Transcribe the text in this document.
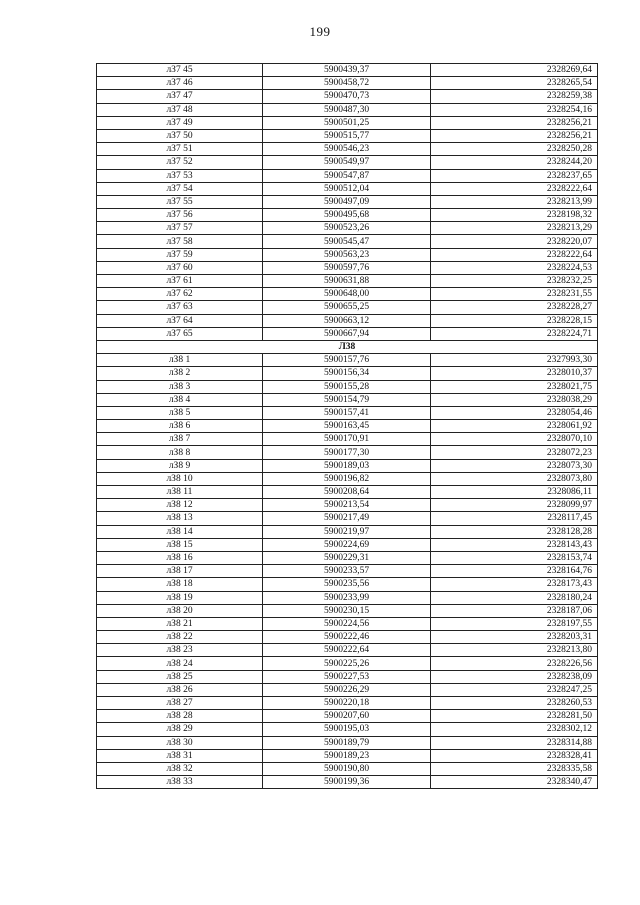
199
лЗ7 45	5900439,37	2328269,64
лЗ7 46	5900458,72	2328265,54
лЗ7 47	5900470,73	2328259,38
лЗ7 48	5900487,30	2328254,16
лЗ7 49	5900501,25	2328256,21
лЗ7 50	5900515,77	2328256,21
лЗ7 51	5900546,23	2328250,28
лЗ7 52	5900549,97	2328244,20
лЗ7 53	5900547,87	2328237,65
лЗ7 54	5900512,04	2328222,64
лЗ7 55	5900497,09	2328213,99
лЗ7 56	5900495,68	2328198,32
лЗ7 57	5900523,26	2328213,29
лЗ7 58	5900545,47	2328220,07
лЗ7 59	5900563,23	2328222,64
лЗ7 60	5900597,76	2328224,53
лЗ7 61	5900631,88	2328232,25
лЗ7 62	5900648,00	2328231,55
лЗ7 63	5900655,25	2328228,27
лЗ7 64	5900663,12	2328228,15
лЗ7 65	5900667,94	2328224,71
Л38		
лЗ8 1	5900157,76	2327993,30
лЗ8 2	5900156,34	2328010,37
лЗ8 3	5900155,28	2328021,75
лЗ8 4	5900154,79	2328038,29
лЗ8 5	5900157,41	2328054,46
лЗ8 6	5900163,45	2328061,92
лЗ8 7	5900170,91	2328070,10
лЗ8 8	5900177,30	2328072,23
лЗ8 9	5900189,03	2328073,30
лЗ8 10	5900196,82	2328073,80
лЗ8 11	5900208,64	2328086,11
лЗ8 12	5900213,54	2328099,97
лЗ8 13	5900217,49	2328117,45
лЗ8 14	5900219,97	2328128,28
лЗ8 15	5900224,69	2328143,43
лЗ8 16	5900229,31	2328153,74
лЗ8 17	5900233,57	2328164,76
лЗ8 18	5900235,56	2328173,43
лЗ8 19	5900233,99	2328180,24
лЗ8 20	5900230,15	2328187,06
лЗ8 21	5900224,56	2328197,55
лЗ8 22	5900222,46	2328203,31
лЗ8 23	5900222,64	2328213,80
лЗ8 24	5900225,26	2328226,56
лЗ8 25	5900227,53	2328238,09
лЗ8 26	5900226,29	2328247,25
лЗ8 27	5900220,18	2328260,53
лЗ8 28	5900207,60	2328281,50
лЗ8 29	5900195,03	2328302,12
лЗ8 30	5900189,79	2328314,88
лЗ8 31	5900189,23	2328328,41
лЗ8 32	5900190,80	2328335,58
лЗ8 33	5900199,36	2328340,47
